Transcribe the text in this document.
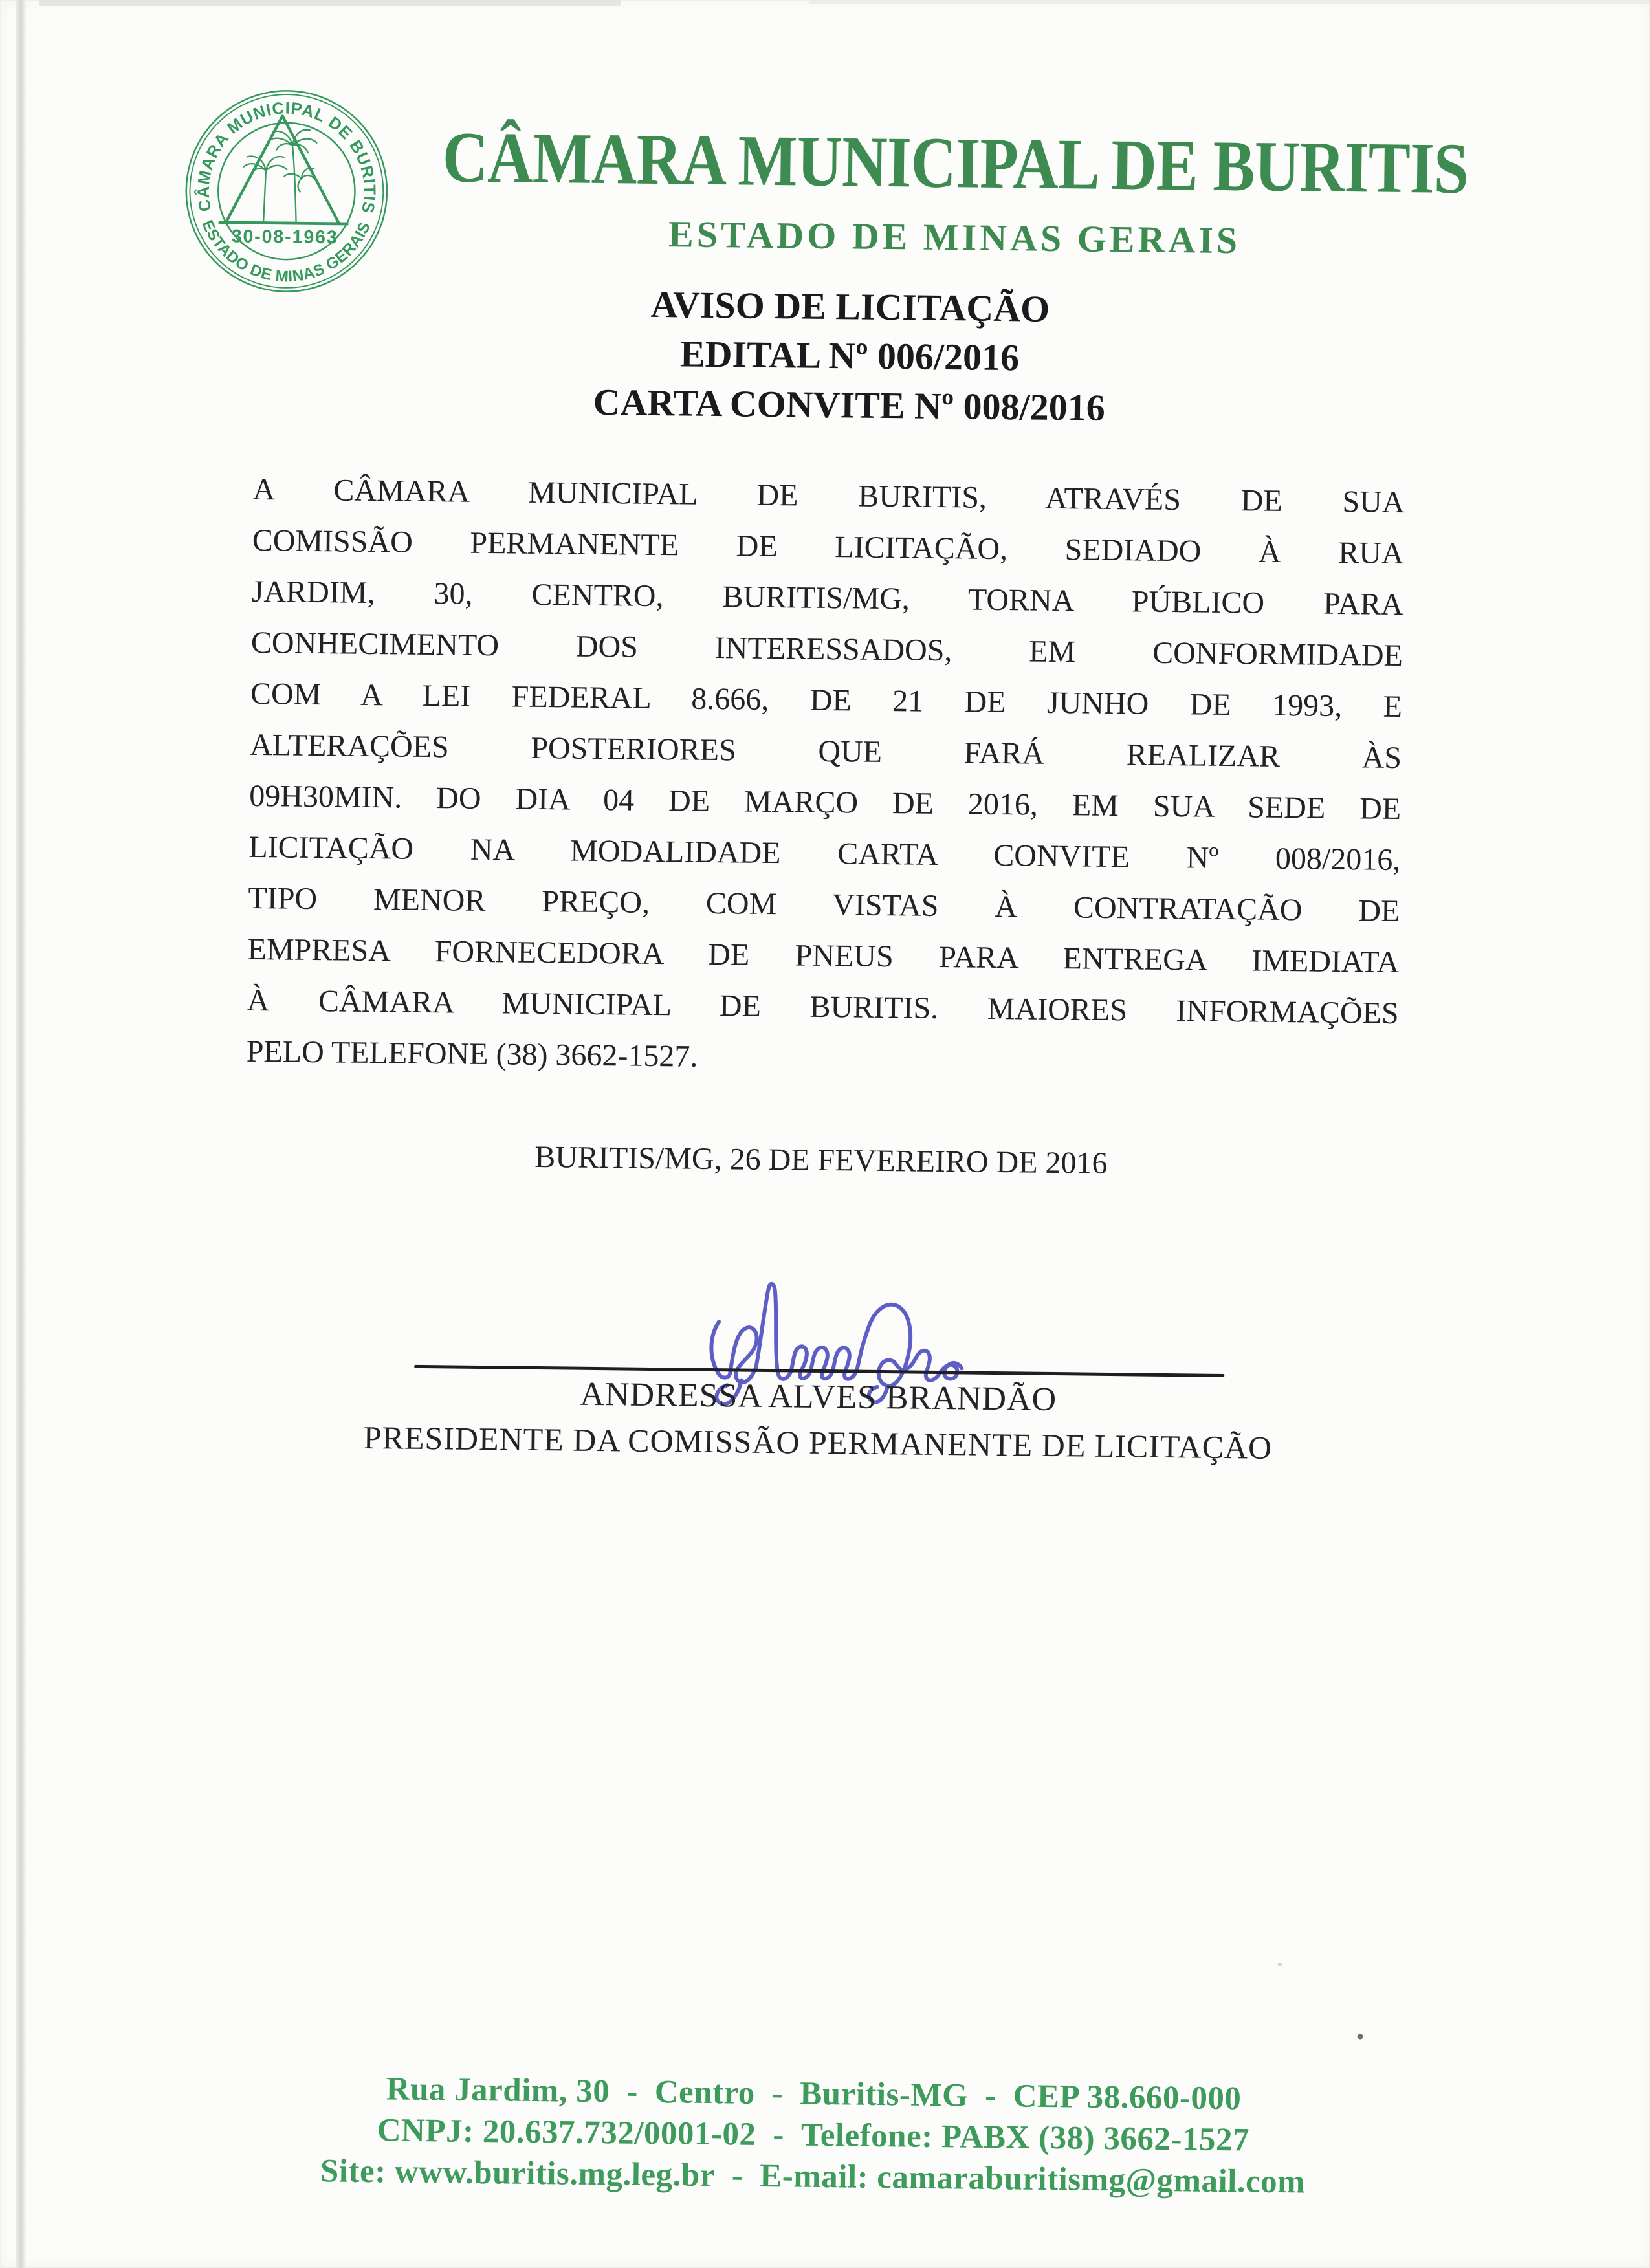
CÂMARA MUNICIPAL DE BURITIS
ESTADO DE MINAS GERAIS
30-08-1963
CÂMARA MUNICIPAL DE BURITIS
ESTADO DE MINAS GERAIS
AVISO DE LICITAÇÃO
EDITAL Nº 006/2016
CARTA CONVITE Nº 008/2016
A CÂMARA MUNICIPAL DE BURITIS, ATRAVÉS DE SUA
COMISSÃO PERMANENTE DE LICITAÇÃO, SEDIADO À RUA
JARDIM, 30, CENTRO, BURITIS/MG, TORNA PÚBLICO PARA
CONHECIMENTO DOS INTERESSADOS, EM CONFORMIDADE
COM A LEI FEDERAL 8.666, DE 21 DE JUNHO DE 1993, E
ALTERAÇÕES POSTERIORES QUE FARÁ REALIZAR ÀS
09H30MIN. DO DIA 04 DE MARÇO DE 2016, EM SUA SEDE DE
LICITAÇÃO NA MODALIDADE CARTA CONVITE Nº 008/2016,
TIPO MENOR PREÇO, COM VISTAS À CONTRATAÇÃO DE
EMPRESA FORNECEDORA DE PNEUS PARA ENTREGA IMEDIATA
À CÂMARA MUNICIPAL DE BURITIS. MAIORES INFORMAÇÕES
PELO TELEFONE (38) 3662-1527.
BURITIS/MG, 26 DE FEVEREIRO DE 2016
ANDRESSA ALVES BRANDÃO
PRESIDENTE DA COMISSÃO PERMANENTE DE LICITAÇÃO
Rua Jardim, 30 - Centro - Buritis-MG - CEP 38.660-000
CNPJ: 20.637.732/0001-02 - Telefone: PABX (38) 3662-1527
Site: www.buritis.mg.leg.br - E-mail: camaraburitismg@gmail.com
